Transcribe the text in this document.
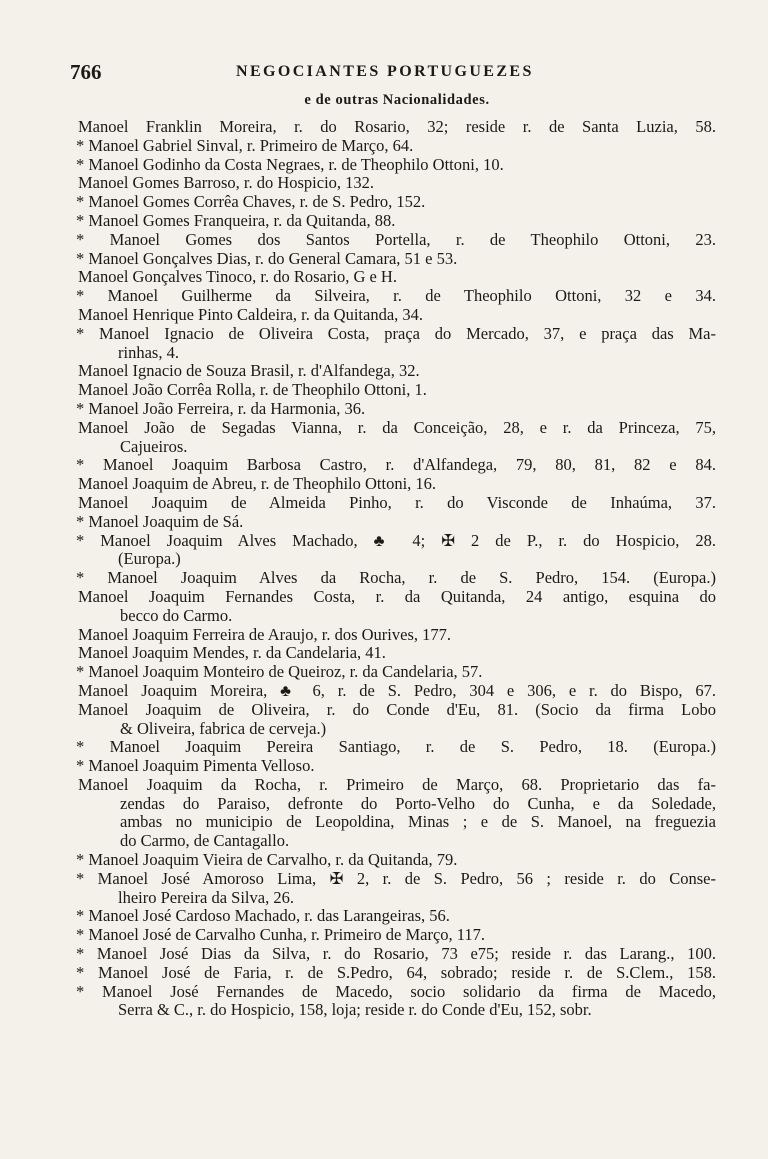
766	NEGOCIANTES PORTUGUEZES
e de outras Nacionalidades.
Manoel Franklin Moreira, r. do Rosario, 32; reside r. de Santa Luzia, 58.
* Manoel Gabriel Sinval, r. Primeiro de Março, 64.
* Manoel Godinho da Costa Negraes, r. de Theophilo Ottoni, 10.
Manoel Gomes Barroso, r. do Hospicio, 132.
* Manoel Gomes Corrêa Chaves, r. de S. Pedro, 152.
* Manoel Gomes Franqueira, r. da Quitanda, 88.
* Manoel Gomes dos Santos Portella, r. de Theophilo Ottoni, 23.
* Manoel Gonçalves Dias, r. do General Camara, 51 e 53.
Manoel Gonçalves Tinoco, r. do Rosario, G e H.
* Manoel Guilherme da Silveira, r. de Theophilo Ottoni, 32 e 34.
Manoel Henrique Pinto Caldeira, r. da Quitanda, 34.
* Manoel Ignacio de Oliveira Costa, praça do Mercado, 37, e praça das Ma-
rinhas, 4.
Manoel Ignacio de Souza Brasil, r. d'Alfandega, 32.
Manoel João Corrêa Rolla, r. de Theophilo Ottoni, 1.
* Manoel João Ferreira, r. da Harmonia, 36.
Manoel João de Segadas Vianna, r. da Conceição, 28, e r. da Princeza, 75,
Cajueiros.
* Manoel Joaquim Barbosa Castro, r. d'Alfandega, 79, 80, 81, 82 e 84.
Manoel Joaquim de Abreu, r. de Theophilo Ottoni, 16.
Manoel Joaquim de Almeida Pinho, r. do Visconde de Inhaúma, 37.
* Manoel Joaquim de Sá.
* Manoel Joaquim Alves Machado, ♣ 4; ✠ 2 de P., r. do Hospicio, 28.
(Europa.)
* Manoel Joaquim Alves da Rocha, r. de S. Pedro, 154. (Europa.)
Manoel Joaquim Fernandes Costa, r. da Quitanda, 24 antigo, esquina do
becco do Carmo.
Manoel Joaquim Ferreira de Araujo, r. dos Ourives, 177.
Manoel Joaquim Mendes, r. da Candelaria, 41.
* Manoel Joaquim Monteiro de Queiroz, r. da Candelaria, 57.
Manoel Joaquim Moreira, ♣ 6, r. de S. Pedro, 304 e 306, e r. do Bispo, 67.
Manoel Joaquim de Oliveira, r. do Conde d'Eu, 81. (Socio da firma Lobo
& Oliveira, fabrica de cerveja.)
* Manoel Joaquim Pereira Santiago, r. de S. Pedro, 18. (Europa.)
* Manoel Joaquim Pimenta Velloso.
Manoel Joaquim da Rocha, r. Primeiro de Março, 68. Proprietario das fa-
zendas do Paraiso, defronte do Porto-Velho do Cunha, e da Soledade,
ambas no municipio de Leopoldina, Minas ; e de S. Manoel, na freguezia
do Carmo, de Cantagallo.
* Manoel Joaquim Vieira de Carvalho, r. da Quitanda, 79.
* Manoel José Amoroso Lima, ✠ 2, r. de S. Pedro, 56 ; reside r. do Conse-
lheiro Pereira da Silva, 26.
* Manoel José Cardoso Machado, r. das Larangeiras, 56.
* Manoel José de Carvalho Cunha, r. Primeiro de Março, 117.
* Manoel José Dias da Silva, r. do Rosario, 73 e75; reside r. das Larang., 100.
* Manoel José de Faria, r. de S.Pedro, 64, sobrado; reside r. de S.Clem., 158.
* Manoel José Fernandes de Macedo, socio solidario da firma de Macedo,
Serra & C., r. do Hospicio, 158, loja; reside r. do Conde d'Eu, 152, sobr.
